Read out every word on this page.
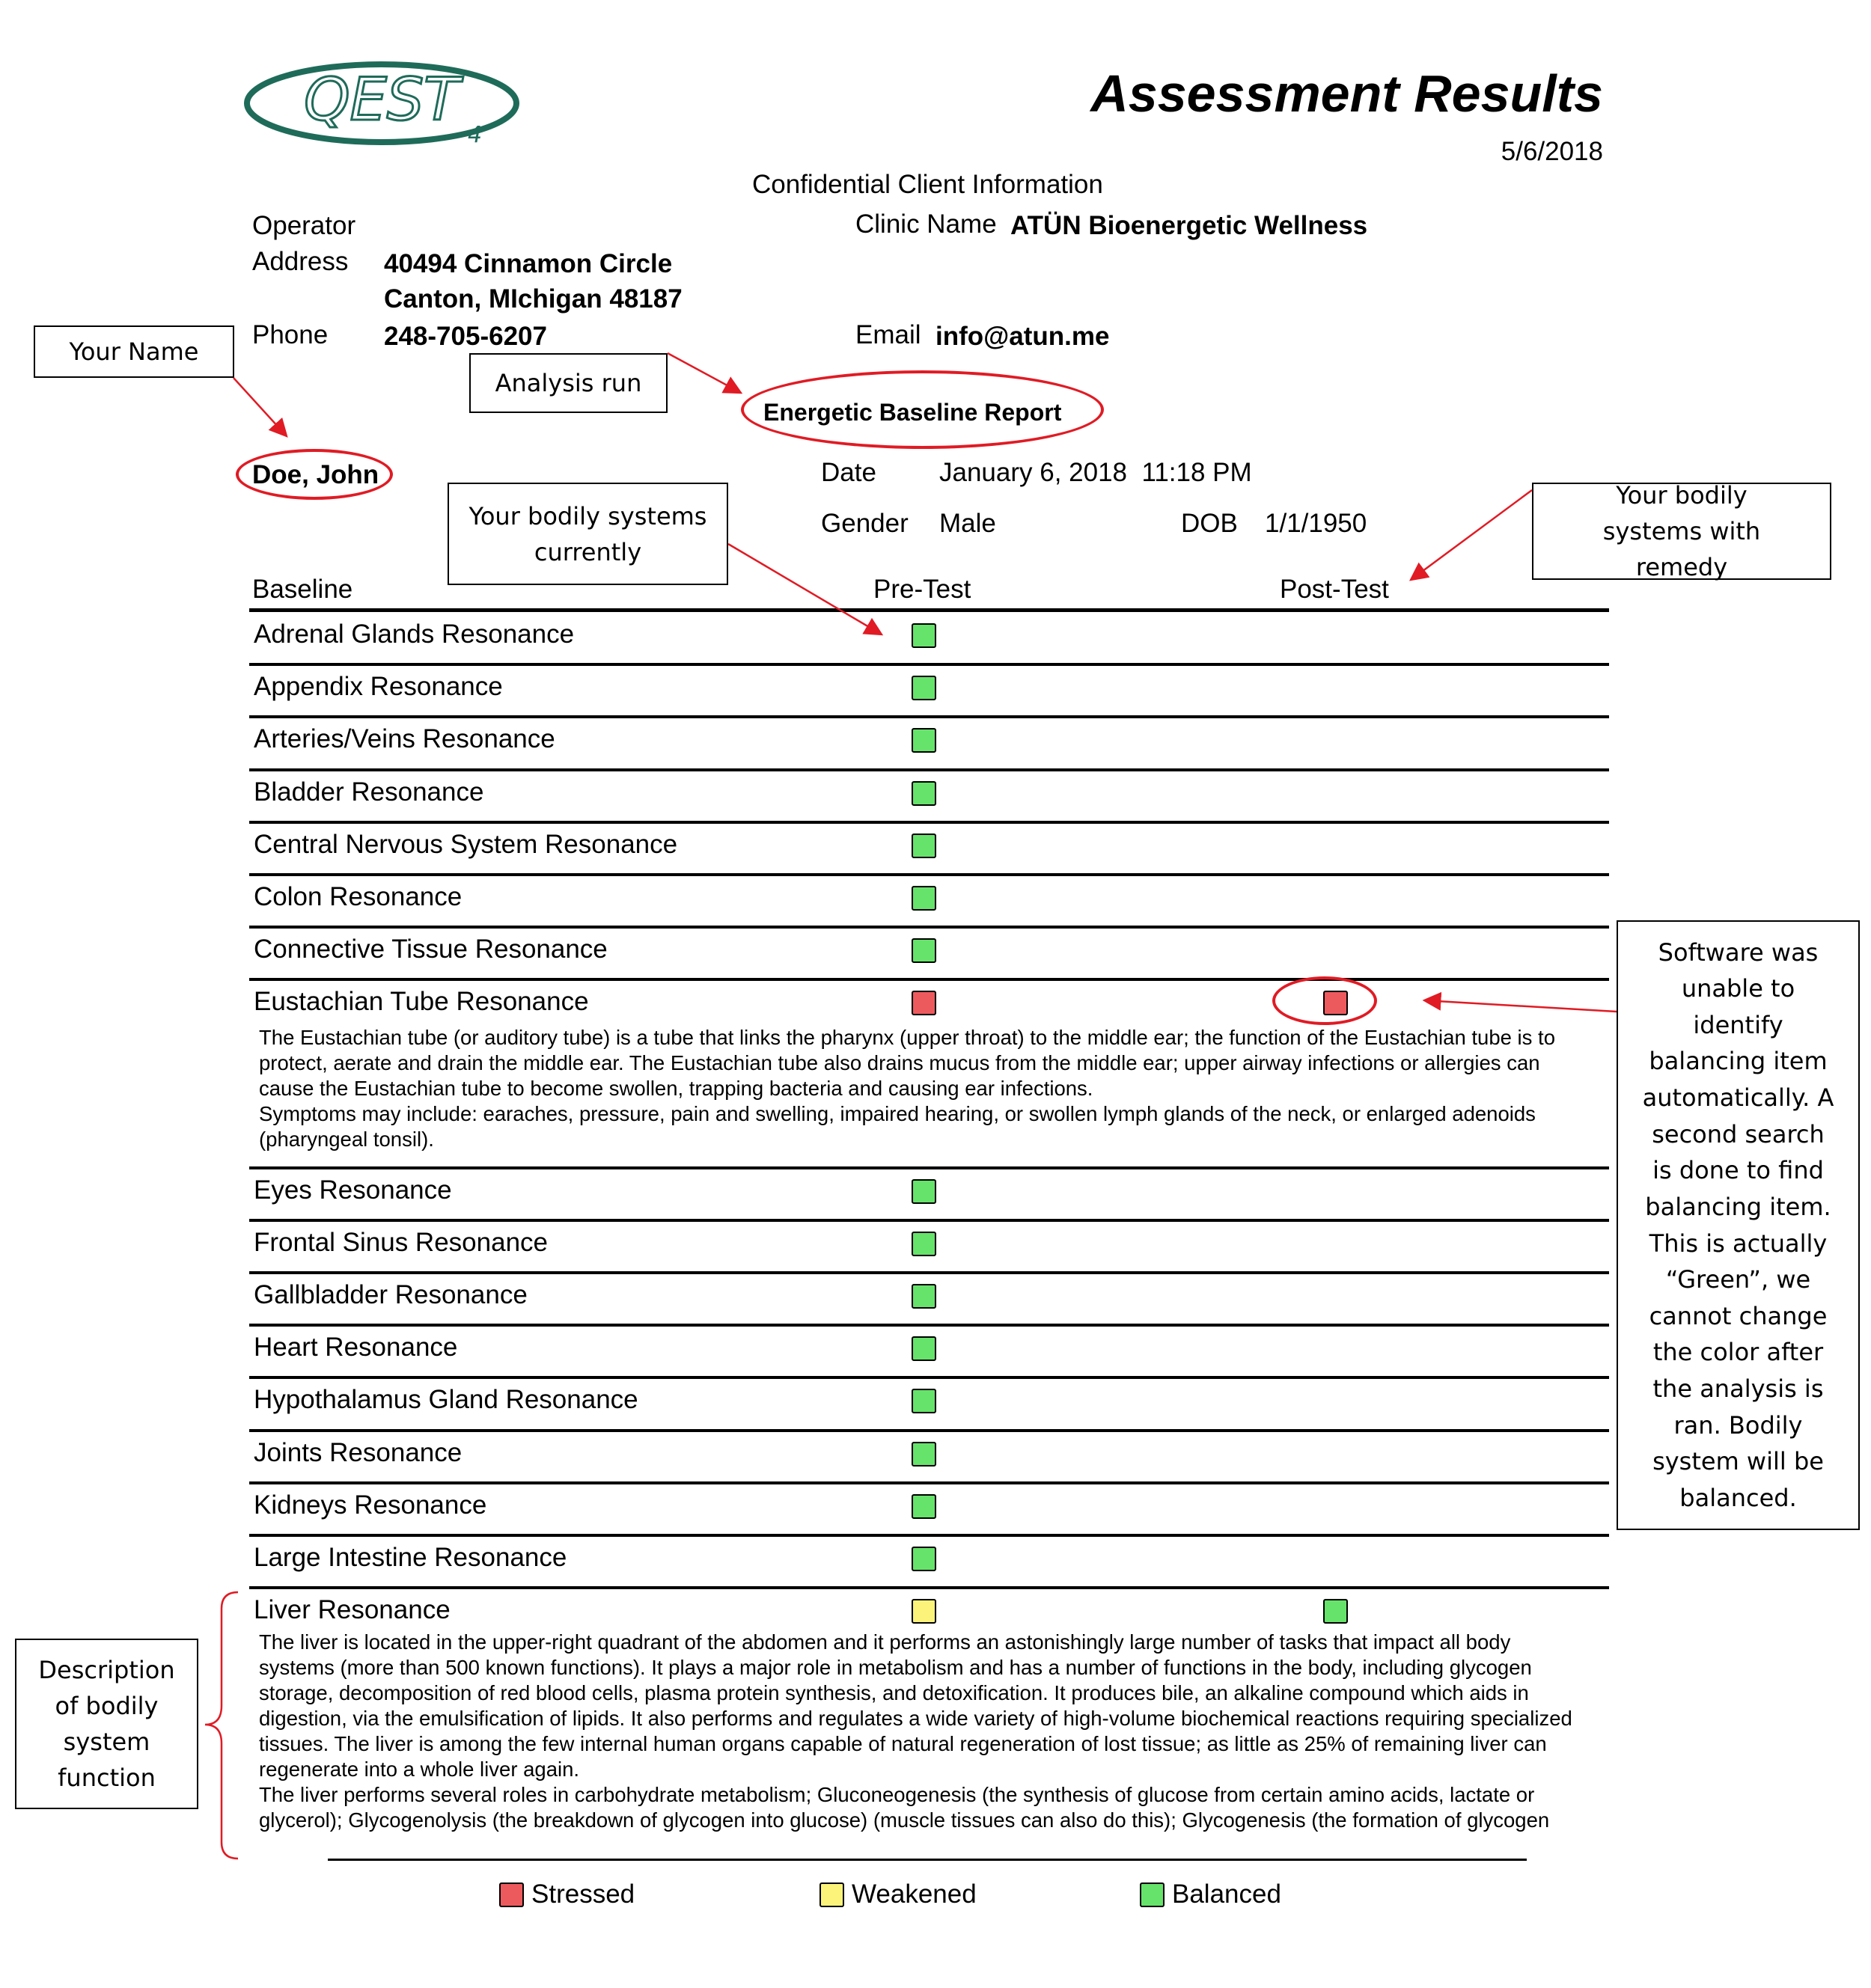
QEST
4
Assessment Results
5/6/2018
Confidential Client Information
Operator
Address 40494 Cinnamon Circle
Canton, MIchigan 48187
Phone 248-705-6207
Clinic Name ATÜN Bioenergetic Wellness
Email info@atun.me
Energetic Baseline Report
Doe, John	Date January 6, 2018  11:18 PM
Gender Male	DOB 1/1/1950
Baseline	Pre-Test	Post-Test
Adrenal Glands Resonance
Appendix Resonance
Arteries/Veins Resonance
Bladder Resonance
Central Nervous System Resonance
Colon Resonance
Connective Tissue Resonance
Eustachian Tube Resonance
Eyes Resonance
Frontal Sinus Resonance
Gallbladder Resonance
Heart Resonance
Hypothalamus Gland Resonance
Joints Resonance
Kidneys Resonance
Large Intestine Resonance
Liver Resonance

The Eustachian tube (or auditory tube) is a tube that links the pharynx (upper throat) to the middle ear; the function of the Eustachian tube is to protect, aerate and drain the middle ear. The Eustachian tube also drains mucus from the middle ear; upper airway infections or allergies can cause the Eustachian tube to become swollen, trapping bacteria and causing ear infections.

Symptoms may include: earaches, pressure, pain and swelling, impaired hearing, or swollen lymph glands of the neck, or enlarged adenoids (pharyngeal tonsil).

The liver is located in the upper-right quadrant of the abdomen and it performs an astonishingly large number of tasks that impact all body systems (more than 500 known functions). It plays a major role in metabolism and has a number of functions in the body, including glycogen storage, decomposition of red blood cells, plasma protein synthesis, and detoxification. It produces bile, an alkaline compound which aids in digestion, via the emulsification of lipids. It also performs and regulates a wide variety of high-volume biochemical reactions requiring specialized tissues. The liver is among the few internal human organs capable of natural regeneration of lost tissue; as little as 25% of remaining liver can regenerate into a whole liver again.

The liver performs several roles in carbohydrate metabolism; Gluconeogenesis (the synthesis of glucose from certain amino acids, lactate or glycerol); Glycogenolysis (the breakdown of glycogen into glucose) (muscle tissues can also do this); Glycogenesis (the formation of glycogen

Stressed	Weakened	Balanced
Your Name
Analysis run
Your bodily systems currently
Your bodily systems with remedy
Software was unable to identify balancing item automatically. A second search is done to find balancing item. This is actually “Green”, we cannot change the color after the analysis is ran. Bodily system will be balanced.
Description of bodily system function
